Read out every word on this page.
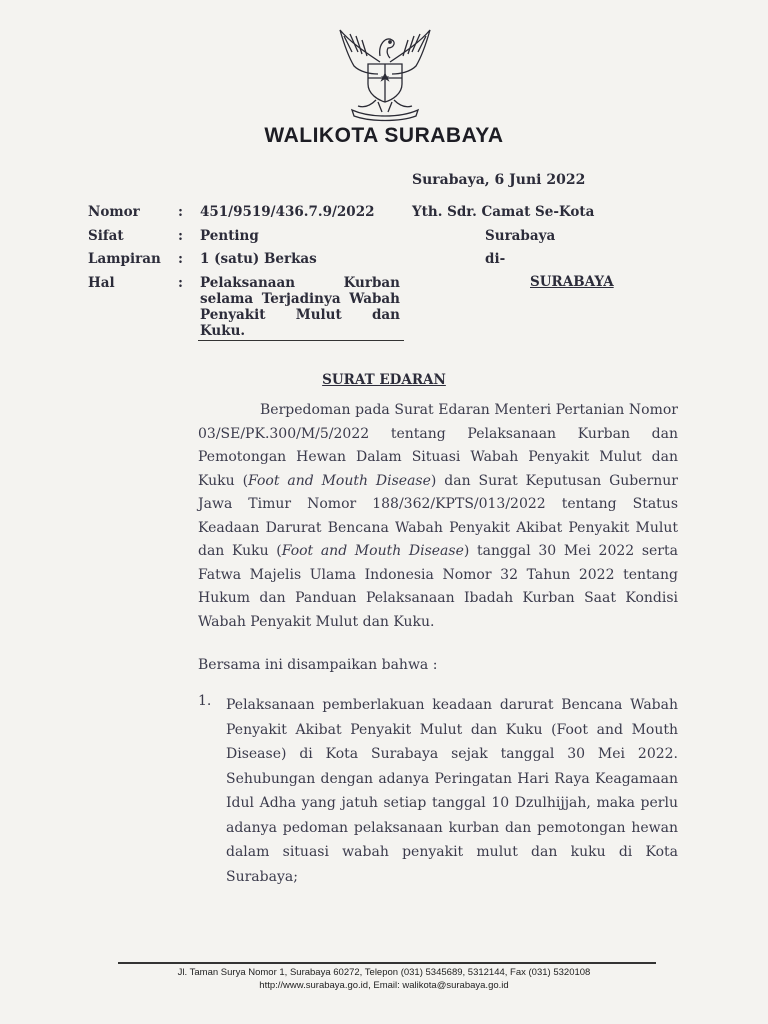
WALIKOTA SURABAYA
Surabaya, 6 Juni 2022
Nomor	: 451/9519/436.7.9/2022
Sifat	: Penting
Lampiran : 1 (satu) Berkas
Hal	: Pelaksanaan Kurban
selama Terjadinya Wabah
Penyakit Mulut dan
Kuku.
Yth. Sdr. Camat Se-Kota
Surabaya
di-
SURABAYA
SURAT EDARAN

Berpedoman pada Surat Edaran Menteri Pertanian Nomor 03/SE/PK.300/M/5/2022 tentang Pelaksanaan Kurban dan Pemotongan Hewan Dalam Situasi Wabah Penyakit Mulut dan Kuku (Foot and Mouth Disease) dan Surat Keputusan Gubernur Jawa Timur Nomor 188/362/KPTS/013/2022 tentang Status Keadaan Darurat Bencana Wabah Penyakit Akibat Penyakit Mulut dan Kuku (Foot and Mouth Disease) tanggal 30 Mei 2022 serta Fatwa Majelis Ulama Indonesia Nomor 32 Tahun 2022 tentang Hukum dan Panduan Pelaksanaan Ibadah Kurban Saat Kondisi Wabah Penyakit Mulut dan Kuku.

Bersama ini disampaikan bahwa :
1. Pelaksanaan pemberlakuan keadaan darurat Bencana Wabah Penyakit Akibat Penyakit Mulut dan Kuku (Foot and Mouth Disease) di Kota Surabaya sejak tanggal 30 Mei 2022. Sehubungan dengan adanya Peringatan Hari Raya Keagamaan Idul Adha yang jatuh setiap tanggal 10 Dzulhijjah, maka perlu adanya pedoman pelaksanaan kurban dan pemotongan hewan dalam situasi wabah penyakit mulut dan kuku di Kota Surabaya;
Jl. Taman Surya Nomor 1, Surabaya 60272, Telepon (031) 5345689, 5312144, Fax (031) 5320108
http://www.surabaya.go.id, Email: walikota@surabaya.go.id
